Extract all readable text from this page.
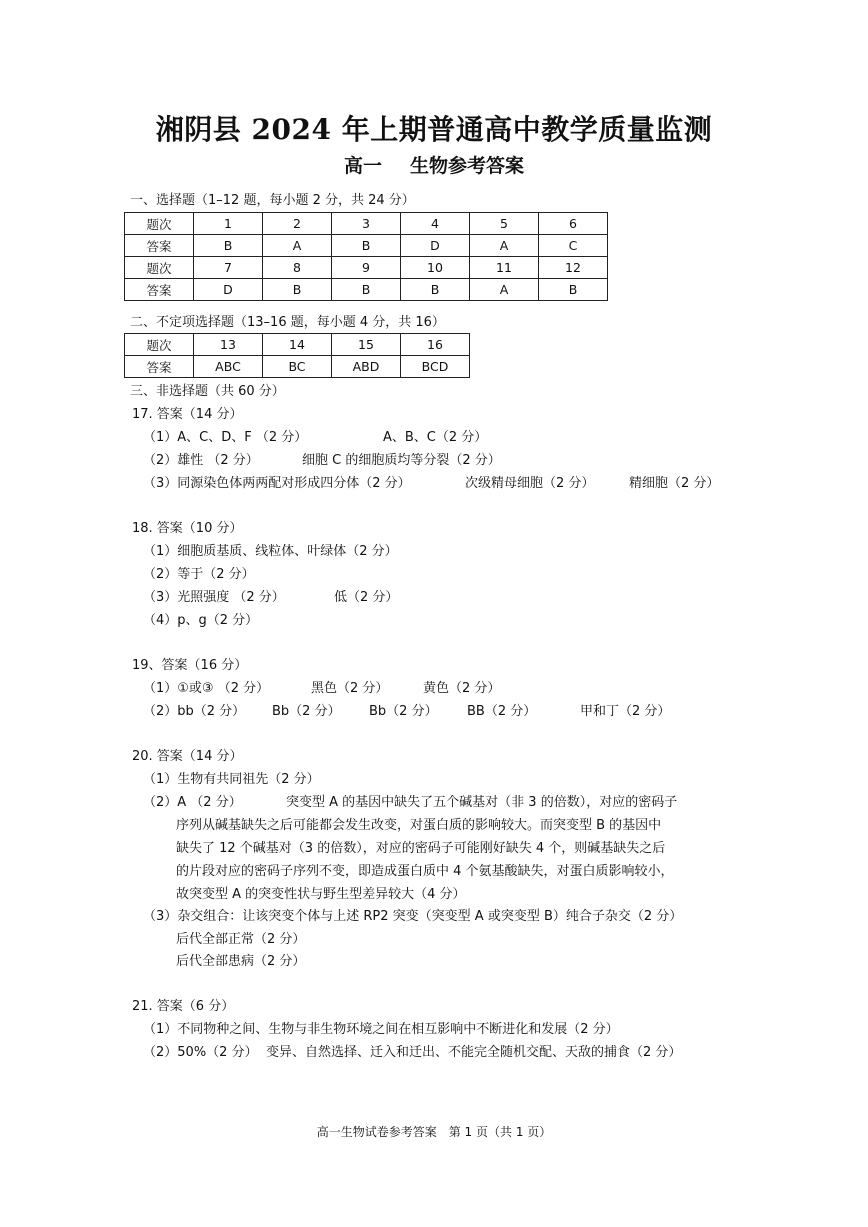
湘阴县 2024 年上期普通高中教学质量监测
高一 生物参考答案
一、选择题（1–12 题，每小题 2 分，共 24 分）
题次	1	2	3	4	5	6
答案	B	A	B	D	A	C
题次	7	8	9	10	11	12
答案	D	B	B	B	A	B
二、不定项选择题（13–16 题，每小题 4 分，共 16）
题次	13	14	15	16
答案	ABC	BC	ABD	BCD
三、非选择题（共 60 分）
17. 答案（14 分）
（1）A、C、D、F （2 分）	A、B、C（2 分）
（2）雄性 （2 分）	细胞 C 的细胞质均等分裂（2 分）
（3）同源染色体两两配对形成四分体（2 分）	次级精母细胞（2 分）	精细胞（2 分）
18. 答案（10 分）
（1）细胞质基质、线粒体、叶绿体（2 分）
（2）等于（2 分）
（3）光照强度 （2 分）	低（2 分）
（4）p、g（2 分）
19、答案（16 分）
（1）①或③ （2 分）	黑色（2 分）	黄色（2 分）
（2）bb（2 分） Bb（2 分） Bb（2 分） BB（2 分）	甲和丁（2 分）
20. 答案（14 分）
（1）生物有共同祖先（2 分）
（2）A （2 分）	突变型 A 的基因中缺失了五个碱基对（非 3 的倍数），对应的密码子
序列从碱基缺失之后可能都会发生改变，对蛋白质的影响较大。而突变型 B 的基因中
缺失了 12 个碱基对（3 的倍数），对应的密码子可能刚好缺失 4 个，则碱基缺失之后
的片段对应的密码子序列不变，即造成蛋白质中 4 个氨基酸缺失，对蛋白质影响较小，
故突变型 A 的突变性状与野生型差异较大（4 分）
（3）杂交组合：让该突变个体与上述 RP2 突变（突变型 A 或突变型 B）纯合子杂交（2 分）
后代全部正常（2 分）
后代全部患病（2 分）
21. 答案（6 分）
（1）不同物种之间、生物与非生物环境之间在相互影响中不断进化和发展（2 分）
（2）50%（2 分） 变异、自然选择、迁入和迁出、不能完全随机交配、天敌的捕食（2 分）
高一生物试卷参考答案　第 1 页（共 1 页）
